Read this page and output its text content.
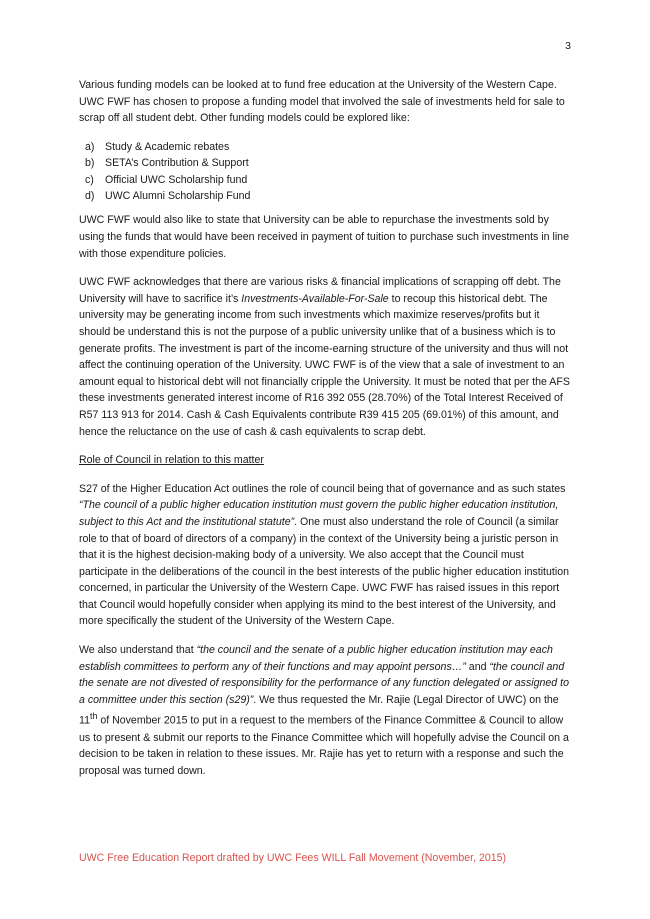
3

Various funding models can be looked at to fund free education at the University of the Western Cape. UWC FWF has chosen to propose a funding model that involved the sale of investments held for sale to scrap off all student debt. Other funding models could be explored like:

a) Study & Academic rebates
b) SETA’s Contribution & Support
c) Official UWC Scholarship fund
d) UWC Alumni Scholarship Fund

UWC FWF would also like to state that University can be able to repurchase the investments sold by using the funds that would have been received in payment of tuition to purchase such investments in line with those expenditure policies.

UWC FWF acknowledges that there are various risks & financial implications of scrapping off debt. The University will have to sacrifice it’s Investments-Available-For-Sale to recoup this historical debt. The university may be generating income from such investments which maximize reserves/profits but it should be understand this is not the purpose of a public university unlike that of a business which is to generate profits. The investment is part of the income-earning structure of the university and thus will not affect the continuing operation of the University. UWC FWF is of the view that a sale of investment to an amount equal to historical debt will not financially cripple the University. It must be noted that per the AFS these investments generated interest income of R16 392 055 (28.70%) of the Total Interest Received of R57 113 913 for 2014. Cash & Cash Equivalents contribute R39 415 205 (69.01%) of this amount, and hence the reluctance on the use of cash & cash equivalents to scrap debt.

Role of Council in relation to this matter

S27 of the Higher Education Act outlines the role of council being that of governance and as such states “The council of a public higher education institution must govern the public higher education institution, subject to this Act and the institutional statute”. One must also understand the role of Council (a similar role to that of board of directors of a company) in the context of the University being a juristic person in that it is the highest decision-making body of a university. We also accept that the Council must participate in the deliberations of the council in the best interests of the public higher education institution concerned, in particular the University of the Western Cape. UWC FWF has raised issues in this report that Council would hopefully consider when applying its mind to the best interest of the University, and more specifically the student of the University of the Western Cape.

We also understand that “the council and the senate of a public higher education institution may each establish committees to perform any of their functions and may appoint persons…” and “the council and the senate are not divested of responsibility for the performance of any function delegated or assigned to a committee under this section (s29)”. We thus requested the Mr. Rajie (Legal Director of UWC) on the 11th of November 2015 to put in a request to the members of the Finance Committee & Council to allow us to present & submit our reports to the Finance Committee which will hopefully advise the Council on a decision to be taken in relation to these issues. Mr. Rajie has yet to return with a response and such the proposal was turned down.

UWC Free Education Report drafted by UWC Fees WILL Fall Movement (November, 2015)
